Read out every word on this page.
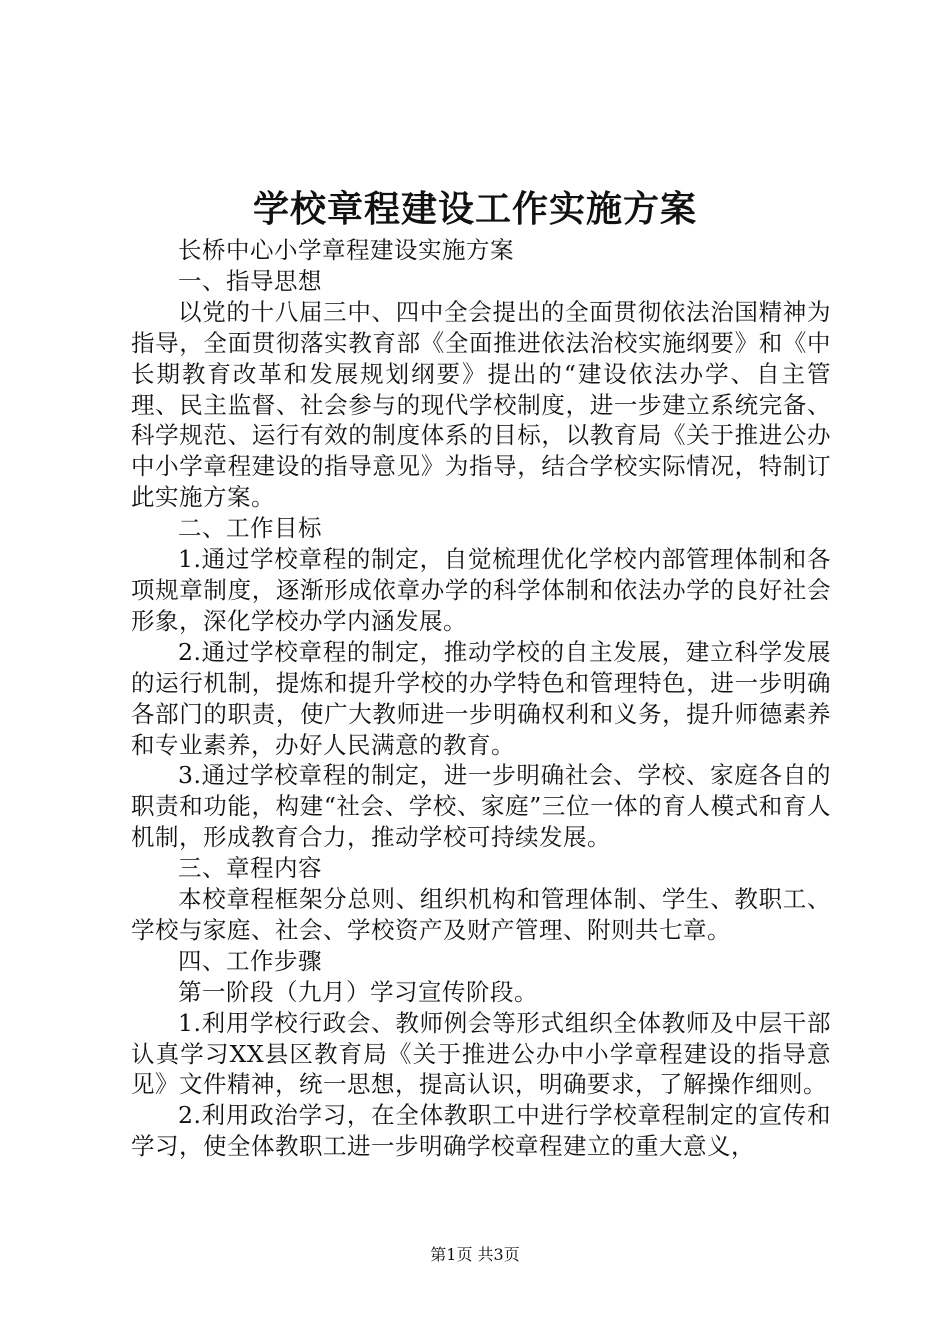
学校章程建设工作实施方案

长桥中心小学章程建设实施方案

一、指导思想

以党的十八届三中、四中全会提出的全面贯彻依法治国精神为指导，全面贯彻落实教育部《全面推进依法治校实施纲要》和《中长期教育改革和发展规划纲要》提出的“建设依法办学、自主管理、民主监督、社会参与的现代学校制度，进一步建立系统完备、科学规范、运行有效的制度体系的目标，以教育局《关于推进公办中小学章程建设的指导意见》为指导，结合学校实际情况，特制订此实施方案。

二、工作目标

1.通过学校章程的制定，自觉梳理优化学校内部管理体制和各项规章制度，逐渐形成依章办学的科学体制和依法办学的良好社会形象，深化学校办学内涵发展。

2.通过学校章程的制定，推动学校的自主发展，建立科学发展的运行机制，提炼和提升学校的办学特色和管理特色，进一步明确各部门的职责，使广大教师进一步明确权利和义务，提升师德素养和专业素养，办好人民满意的教育。

3.通过学校章程的制定，进一步明确社会、学校、家庭各自的职责和功能，构建“社会、学校、家庭”三位一体的育人模式和育人机制，形成教育合力，推动学校可持续发展。

三、章程内容

本校章程框架分总则、组织机构和管理体制、学生、教职工、学校与家庭、社会、学校资产及财产管理、附则共七章。

四、工作步骤

第一阶段（九月）学习宣传阶段。

1.利用学校行政会、教师例会等形式组织全体教师及中层干部认真学习XX县区教育局《关于推进公办中小学章程建设的指导意见》文件精神，统一思想，提高认识，明确要求，了解操作细则。

2.利用政治学习，在全体教职工中进行学校章程制定的宣传和学习，使全体教职工进一步明确学校章程建立的重大意义，

第1页 共3页
